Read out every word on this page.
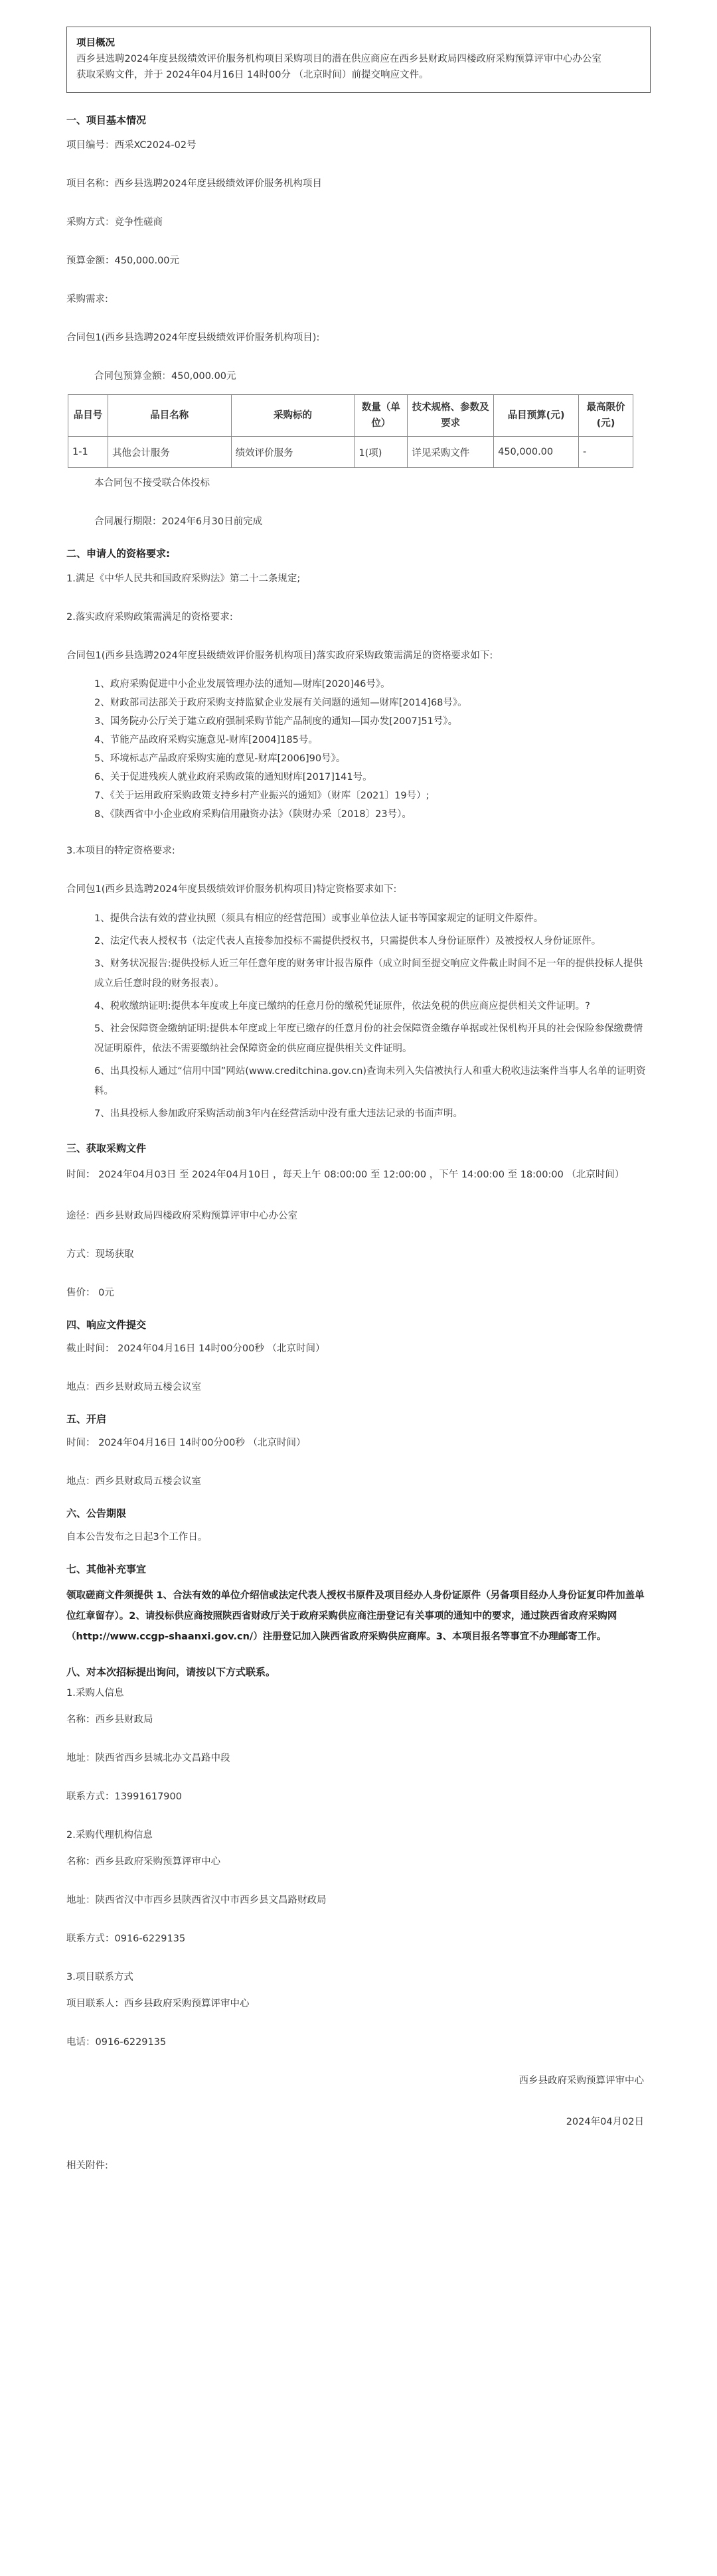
项目概况
西乡县选聘2024年度县级绩效评价服务机构项目采购项目的潜在供应商应在西乡县财政局四楼政府采购预算评审中心办公室
获取采购文件，并于 2024年04月16日 14时00分 （北京时间）前提交响应文件。
一、项目基本情况
项目编号：西采XC2024-02号
项目名称：西乡县选聘2024年度县级绩效评价服务机构项目
采购方式：竞争性磋商
预算金额：450,000.00元
采购需求:
合同包1(西乡县选聘2024年度县级绩效评价服务机构项目):
合同包预算金额：450,000.00元
品目号	品目名称	采购标的	数量（单位）	技术规格、参数及要求	品目预算(元)	最高限价(元)
1-1	其他会计服务	绩效评价服务	1(项)	详见采购文件	450,000.00	-
本合同包不接受联合体投标
合同履行期限：2024年6月30日前完成
二、申请人的资格要求:
1.满足《中华人民共和国政府采购法》第二十二条规定;
2.落实政府采购政策需满足的资格要求:
合同包1(西乡县选聘2024年度县级绩效评价服务机构项目)落实政府采购政策需满足的资格要求如下:
1、政府采购促进中小企业发展管理办法的通知—财库[2020]46号》。
2、财政部司法部关于政府采购支持监狱企业发展有关问题的通知—财库[2014]68号》。
3、国务院办公厅关于建立政府强制采购节能产品制度的通知—国办发[2007]51号》。
4、节能产品政府采购实施意见-财库[2004]185号。
5、环境标志产品政府采购实施的意见-财库[2006]90号》。
6、关于促进残疾人就业政府采购政策的通知财库[2017]141号。
7、《关于运用政府采购政策支持乡村产业振兴的通知》（财库〔2021〕19号）;
8、《陕西省中小企业政府采购信用融资办法》（陕财办采〔2018〕23号）。
3.本项目的特定资格要求:
合同包1(西乡县选聘2024年度县级绩效评价服务机构项目)特定资格要求如下:
1、提供合法有效的营业执照（须具有相应的经营范围）或事业单位法人证书等国家规定的证明文件原件。
2、法定代表人授权书（法定代表人直接参加投标不需提供授权书，只需提供本人身份证原件）及被授权人身份证原件。
3、财务状况报告:提供投标人近三年任意年度的财务审计报告原件（成立时间至提交响应文件截止时间不足一年的提供投标人提供成立后任意时段的财务报表）。
4、税收缴纳证明:提供本年度或上年度已缴纳的任意月份的缴税凭证原件，依法免税的供应商应提供相关文件证明。?
5、社会保障资金缴纳证明:提供本年度或上年度已缴存的任意月份的社会保障资金缴存单据或社保机构开具的社会保险参保缴费情况证明原件，依法不需要缴纳社会保障资金的供应商应提供相关文件证明。
6、出具投标人通过“信用中国”网站(www.creditchina.gov.cn)查询未列入失信被执行人和重大税收违法案件当事人名单的证明资料。
7、出具投标人参加政府采购活动前3年内在经营活动中没有重大违法记录的书面声明。
三、获取采购文件
时间： 2024年04月03日 至 2024年04月10日 ，每天上午 08:00:00 至 12:00:00 ，下午 14:00:00 至 18:00:00 （北京时间）
途径：西乡县财政局四楼政府采购预算评审中心办公室
方式：现场获取
售价： 0元
四、响应文件提交
截止时间： 2024年04月16日 14时00分00秒 （北京时间）
地点：西乡县财政局五楼会议室
五、开启
时间： 2024年04月16日 14时00分00秒 （北京时间）
地点：西乡县财政局五楼会议室
六、公告期限
自本公告发布之日起3个工作日。
七、其他补充事宜
领取磋商文件须提供 1、合法有效的单位介绍信或法定代表人授权书原件及项目经办人身份证原件（另备项目经办人身份证复印件加盖单位红章留存）。2、请投标供应商按照陕西省财政厅关于政府采购供应商注册登记有关事项的通知中的要求，通过陕西省政府采购网（http://www.ccgp-shaanxi.gov.cn/）注册登记加入陕西省政府采购供应商库。3、本项目报名等事宜不办理邮寄工作。
八、对本次招标提出询问，请按以下方式联系。
1.采购人信息
名称：西乡县财政局
地址：陕西省西乡县城北办文昌路中段
联系方式：13991617900
2.采购代理机构信息
名称：西乡县政府采购预算评审中心
地址：陕西省汉中市西乡县陕西省汉中市西乡县文昌路财政局
联系方式：0916-6229135
3.项目联系方式
项目联系人：西乡县政府采购预算评审中心
电话：0916-6229135
西乡县政府采购预算评审中心
2024年04月02日
相关附件:
